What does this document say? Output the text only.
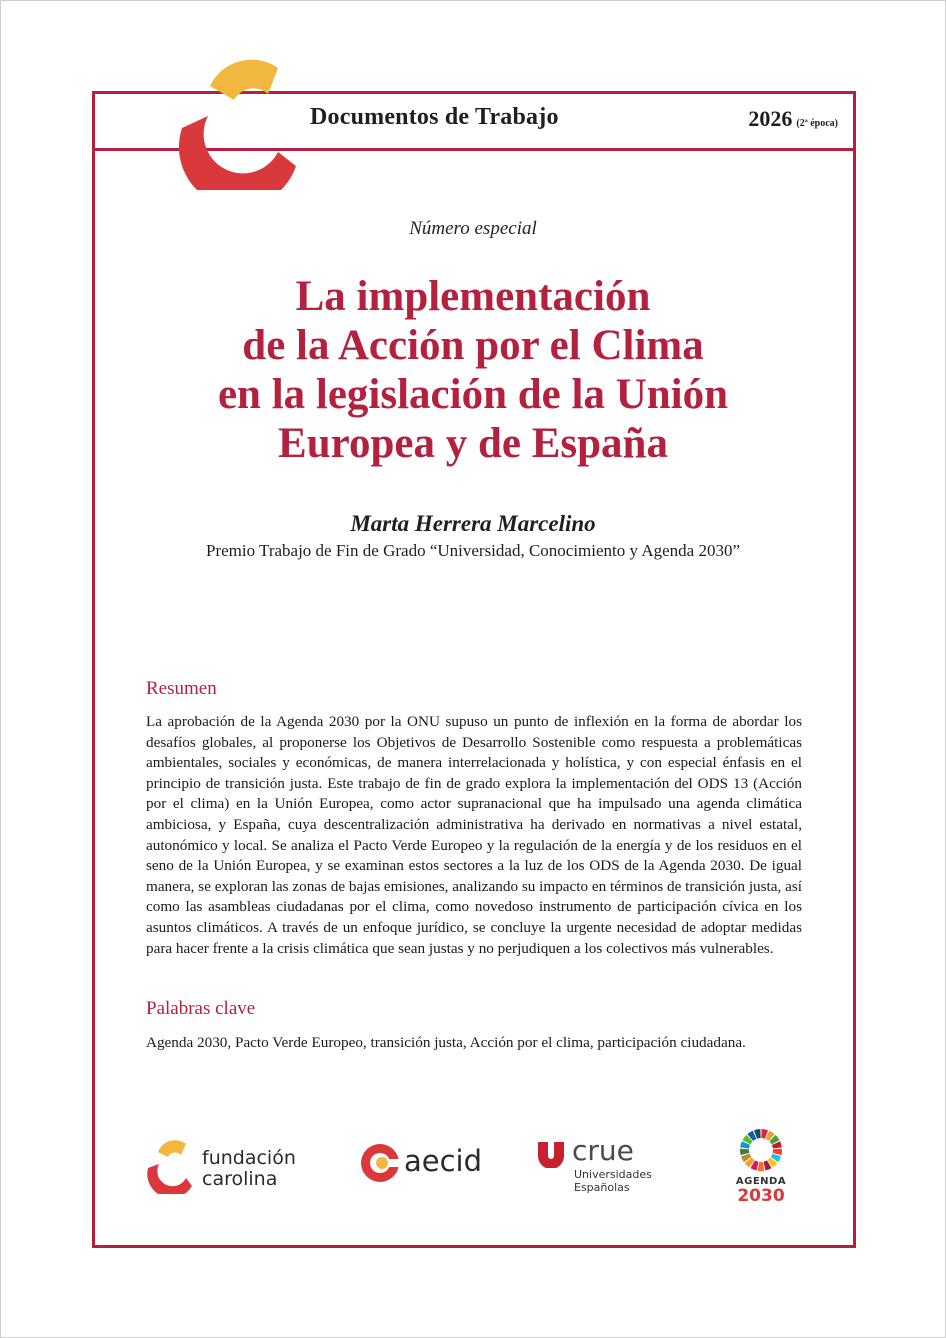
Documentos de Trabajo	2026 (2ª época)
Número especial
La implementación
de la Acción por el Clima
en la legislación de la Unión
Europea y de España
Marta Herrera Marcelino
Premio Trabajo de Fin de Grado “Universidad, Conocimiento y Agenda 2030”
Resumen

La aprobación de la Agenda 2030 por la ONU supuso un punto de inflexión en la forma de abordar los desafíos globales, al proponerse los Objetivos de Desarrollo Sostenible como respuesta a problemáticas ambientales, sociales y económicas, de manera interrelacionada y holística, y con especial énfasis en el principio de transición justa. Este trabajo de fin de grado explora la implementación del ODS 13 (Acción por el clima) en la Unión Europea, como actor supranacional que ha impulsado una agenda climática ambiciosa, y España, cuya descentralización administrativa ha derivado en normativas a nivel estatal, autonómico y local. Se analiza el Pacto Verde Europeo y la regulación de la energía y de los residuos en el seno de la Unión Europea, y se examinan estos sectores a la luz de los ODS de la Agenda 2030. De igual manera, se exploran las zonas de bajas emisiones, analizando su impacto en términos de transición justa, así como las asambleas ciudadanas por el clima, como novedoso instrumento de participación cívica en los asuntos climáticos. A través de un enfoque jurídico, se concluye la urgente necesidad de adoptar medidas para hacer frente a la crisis climática que sean justas y no perjudiquen a los colectivos más vulnerables.

Palabras clave
Agenda 2030, Pacto Verde Europeo, transición justa, Acción por el clima, participación ciudadana.
fundación
carolina
aecid	crue
Universidades
Españolas	AGENDA
2030
